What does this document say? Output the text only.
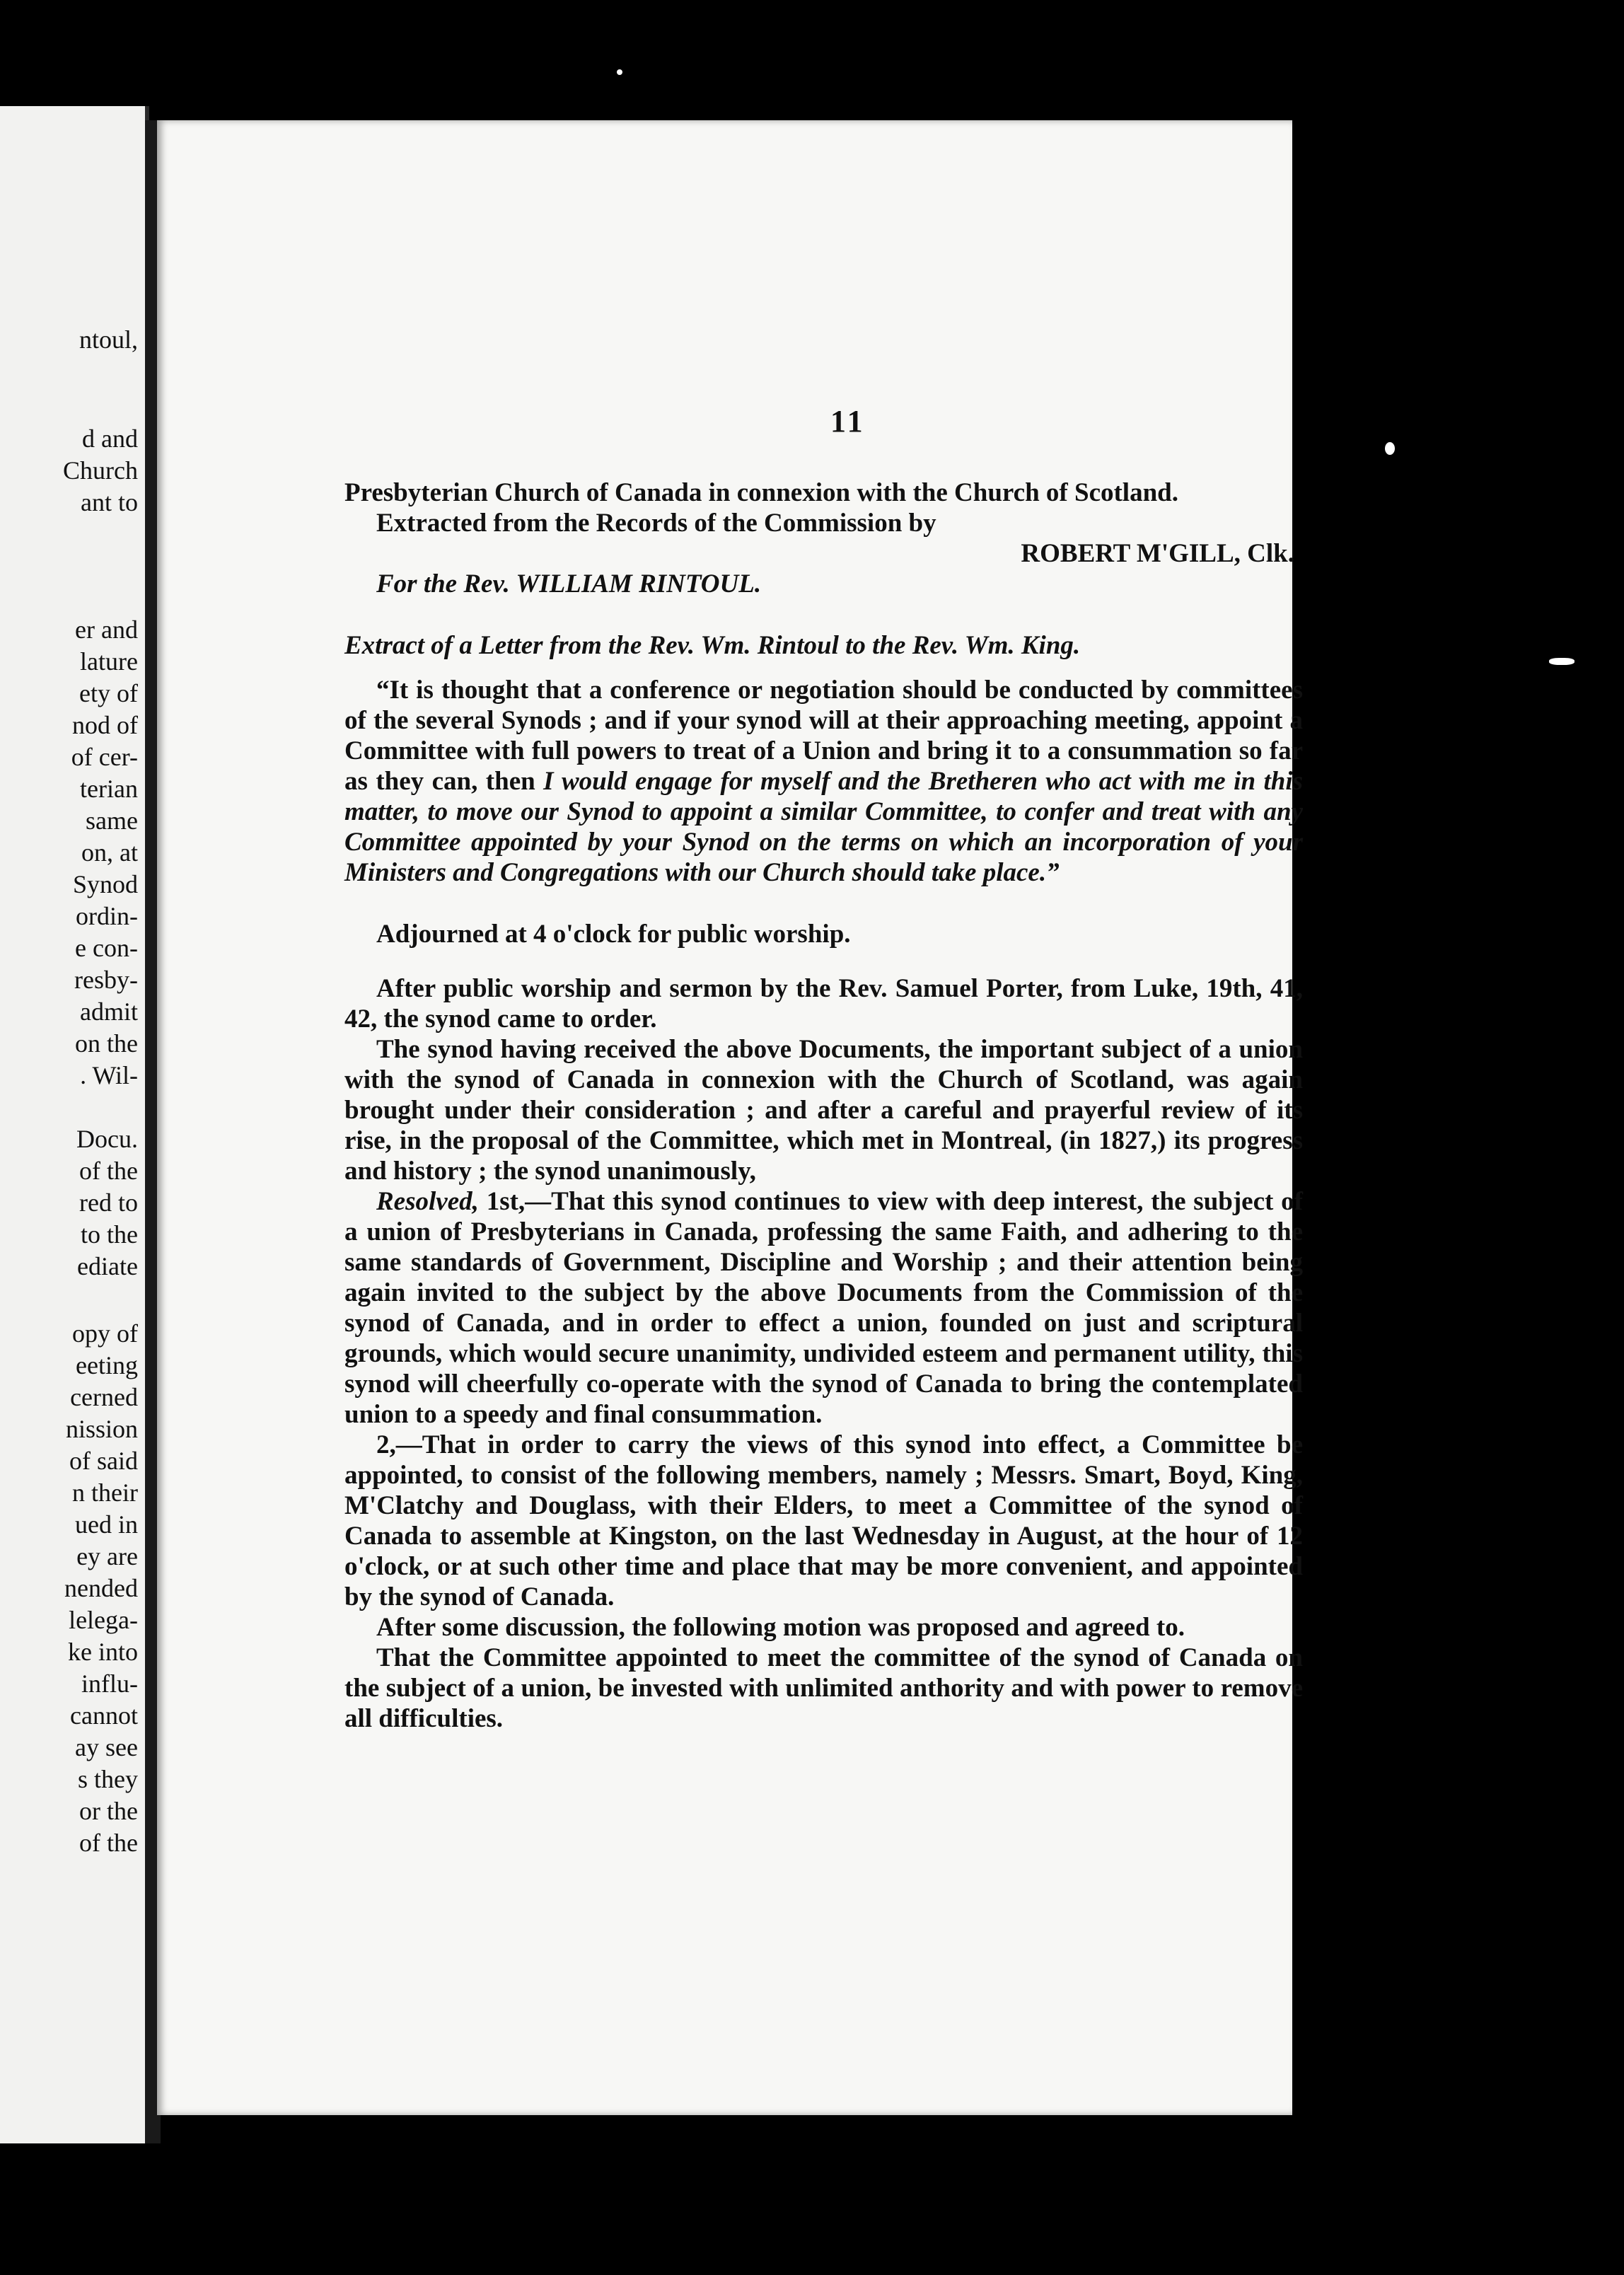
ntoul,
d and
Church
ant to
er and
lature
ety of
nod of
of cer-
terian
same
on, at
Synod
ordin-
e con-
resby-
admit
on the
. Wil-
Docu.
of the
red to
to the
ediate
opy of
eeting
cerned
nission
of said
n their
ued in
ey are
nended
lelega-
ke into
influ-
cannot
ay see
s they
or the
of the
11

Presbyterian Church of Canada in connexion with the Church of Scotland.

Extracted from the Records of the Commission by

ROBERT M'GILL, Clk.

For the Rev. WILLIAM RINTOUL.

Extract of a Letter from the Rev. Wm. Rintoul to the Rev. Wm. King.

“It is thought that a conference or negotiation should be conducted by committees of the several Synods ; and if your synod will at their approaching meeting, appoint a Committee with full powers to treat of a Union and bring it to a consummation so far as they can, then I would engage for myself and the Bretheren who act with me in this matter, to move our Synod to appoint a similar Committee, to confer and treat with any Committee appointed by your Synod on the terms on which an incorporation of your Ministers and Congregations with our Church should take place.”

Adjourned at 4 o'clock for public worship.

After public worship and sermon by the Rev. Samuel Porter, from Luke, 19th, 41, 42, the synod came to order.

The synod having received the above Documents, the important subject of a union with the synod of Canada in connexion with the Church of Scotland, was again brought under their consideration ; and after a careful and prayerful review of its rise, in the proposal of the Committee, which met in Montreal, (in 1827,) its progress and history ; the synod unanimously,

Resolved, 1st,—That this synod continues to view with deep interest, the subject of a union of Presbyterians in Canada, professing the same Faith, and adhering to the same standards of Government, Discipline and Worship ; and their attention being again invited to the subject by the above Documents from the Commission of the synod of Canada, and in order to effect a union, founded on just and scriptural grounds, which would secure unanimity, undivided esteem and permanent utility, this synod will cheerfully co-operate with the synod of Canada to bring the contemplated union to a speedy and final consummation.

2,—That in order to carry the views of this synod into effect, a Committee be appointed, to consist of the following members, namely ; Messrs. Smart, Boyd, King, M'Clatchy and Douglass, with their Elders, to meet a Committee of the synod of Canada to assemble at Kingston, on the last Wednesday in August, at the hour of 12 o'clock, or at such other time and place that may be more convenient, and appointed by the synod of Canada.

After some discussion, the following motion was proposed and agreed to.

That the Committee appointed to meet the committee of the synod of Canada on the subject of a union, be invested with unlimited anthority and with power to remove all difficulties.
